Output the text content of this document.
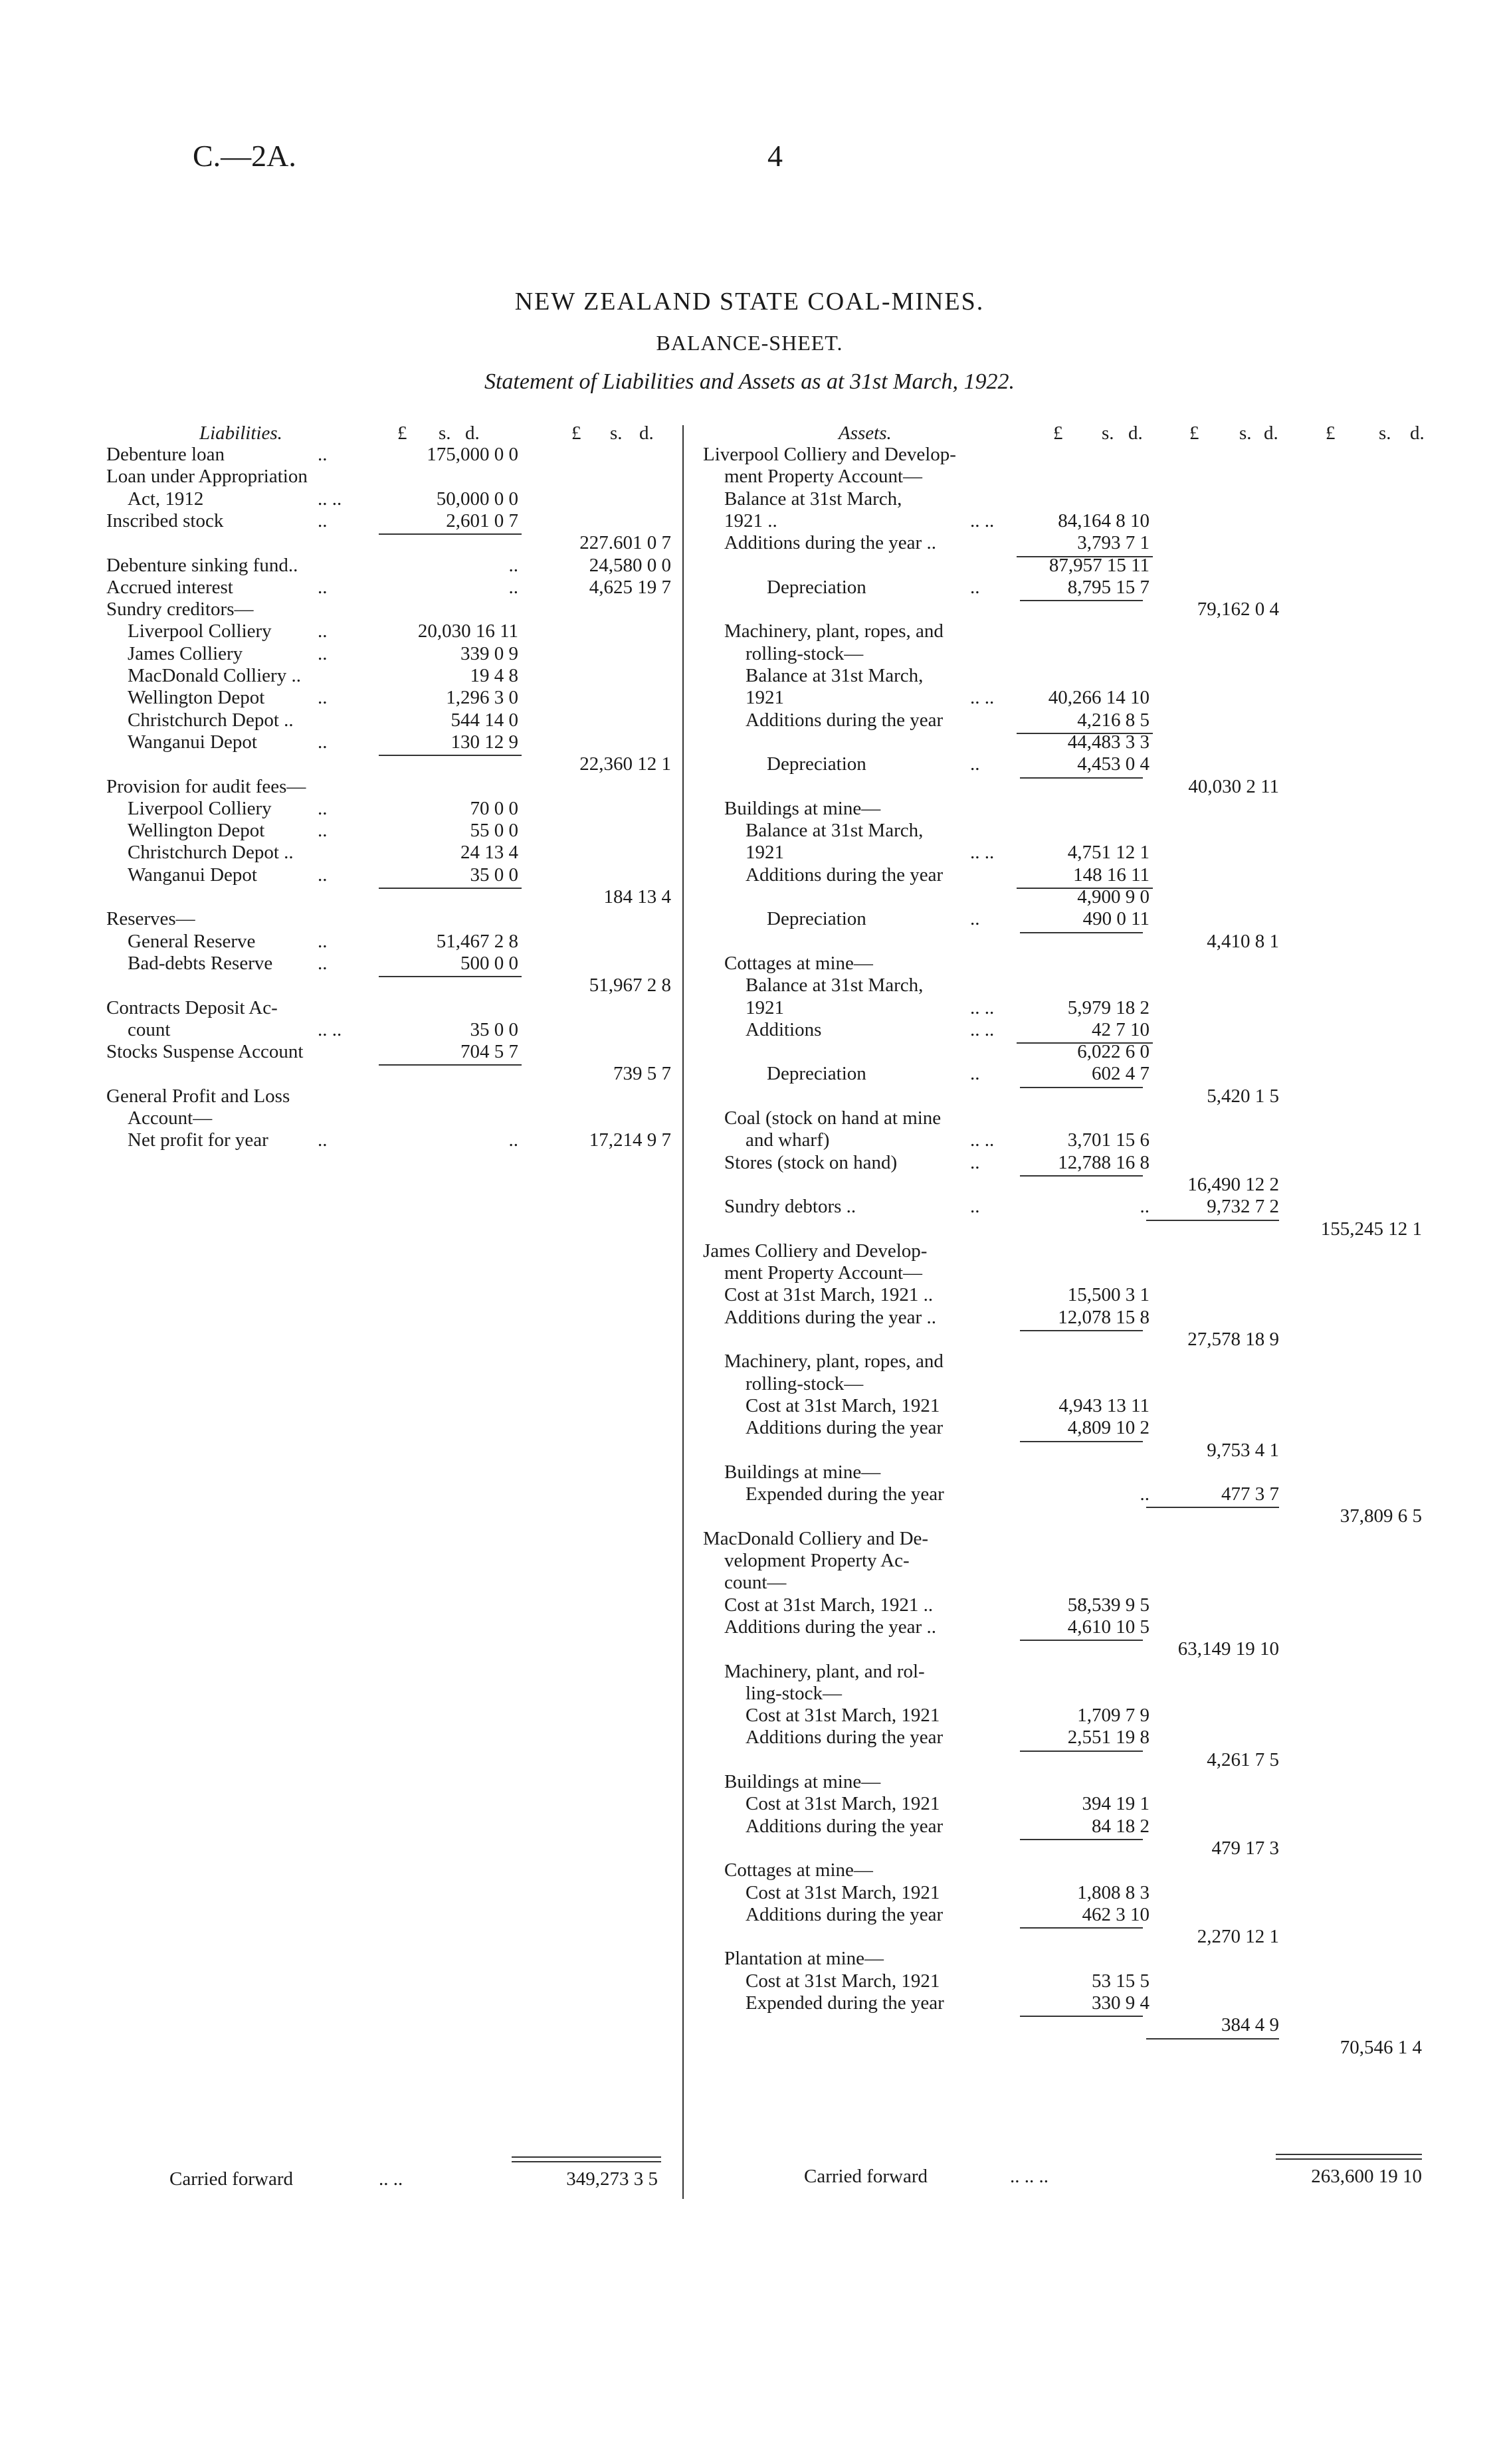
C.—2A.	4
NEW ZEALAND STATE COAL-MINES.
BALANCE-SHEET.
Statement of Liabilities and Assets as at 31st March, 1922.
Liabilities.	£ s. d.	£ s. d.
Debenture loan	..	175,000 0 0
Loan under Appropriation
Act, 1912	.. ..	50,000 0 0
Inscribed stock	..	2,601 0 7
227.601 0 7
Debenture sinking fund..	..	24,580 0 0
Accrued interest	..	..	4,625 19 7
Sundry creditors—
Liverpool Colliery ..	20,030 16 11
James Colliery	..	339 0 9
MacDonald Colliery ..	19 4 8
Wellington Depot	..	1,296 3 0
Christchurch Depot ..	544 14 0
Wanganui Depot	..	130 12 9
22,360 12 1
Provision for audit fees—
Liverpool Colliery ..	70 0 0
Wellington Depot	..	55 0 0
Christchurch Depot ..	24 13 4
Wanganui Depot	..	35 0 0
184 13 4
Reserves—
General Reserve	..	51,467 2 8
Bad-debts Reserve ..	500 0 0
51,967 2 8
Contracts Deposit Ac-
count	.. ..	35 0 0
Stocks Suspense Account	704 5 7
739 5 7
General Profit and Loss
Account—
Net profit for year	..	..	17,214 9 7
Carried forward	.. ..	349,273 3 5
Assets.	£ s. d. £ s. d. £ s. d.
Liverpool Colliery and Develop-
ment Property Account—
Balance at 31st March,
1921 ..	.. ..	84,164 8 10
Additions during the year ..	3,793 7 1
87,957 15 11
Depreciation	..	8,795 15 7
79,162 0 4
Machinery, plant, ropes, and
rolling-stock—
Balance at 31st March,
1921	.. ..	40,266 14 10
Additions during the year	4,216 8 5
44,483 3 3
Depreciation	..	4,453 0 4
40,030 2 11
Buildings at mine—
Balance at 31st March,
1921	.. ..	4,751 12 1
Additions during the year	148 16 11
4,900 9 0
Depreciation	..	490 0 11
4,410 8 1
Cottages at mine—
Balance at 31st March,
1921	.. ..	5,979 18 2
Additions	.. ..	42 7 10
6,022 6 0
Depreciation	..	602 4 7
5,420 1 5
Coal (stock on hand at mine
and wharf)	.. ..	3,701 15 6
Stores (stock on hand)	..	12,788 16 8
16,490 12 2
Sundry debtors ..	..	..	9,732 7 2
155,245 12 1
James Colliery and Develop-
ment Property Account—
Cost at 31st March, 1921 ..	15,500 3 1
Additions during the year ..	12,078 15 8
27,578 18 9
Machinery, plant, ropes, and
rolling-stock—
Cost at 31st March, 1921	4,943 13 11
Additions during the year	4,809 10 2
9,753 4 1
Buildings at mine—
Expended during the year	..	477 3 7
37,809 6 5
MacDonald Colliery and De-
velopment Property Ac-
count—
Cost at 31st March, 1921 ..	58,539 9 5
Additions during the year ..	4,610 10 5
63,149 19 10
Machinery, plant, and rol-
ling-stock—
Cost at 31st March, 1921	1,709 7 9
Additions during the year	2,551 19 8
4,261 7 5
Buildings at mine—
Cost at 31st March, 1921	394 19 1
Additions during the year	84 18 2
479 17 3
Cottages at mine—
Cost at 31st March, 1921	1,808 8 3
Additions during the year	462 3 10
2,270 12 1
Plantation at mine—
Cost at 31st March, 1921	53 15 5
Expended during the year	330 9 4
384 4 9
70,546 1 4
Carried forward	.. .. ..	263,600 19 10
